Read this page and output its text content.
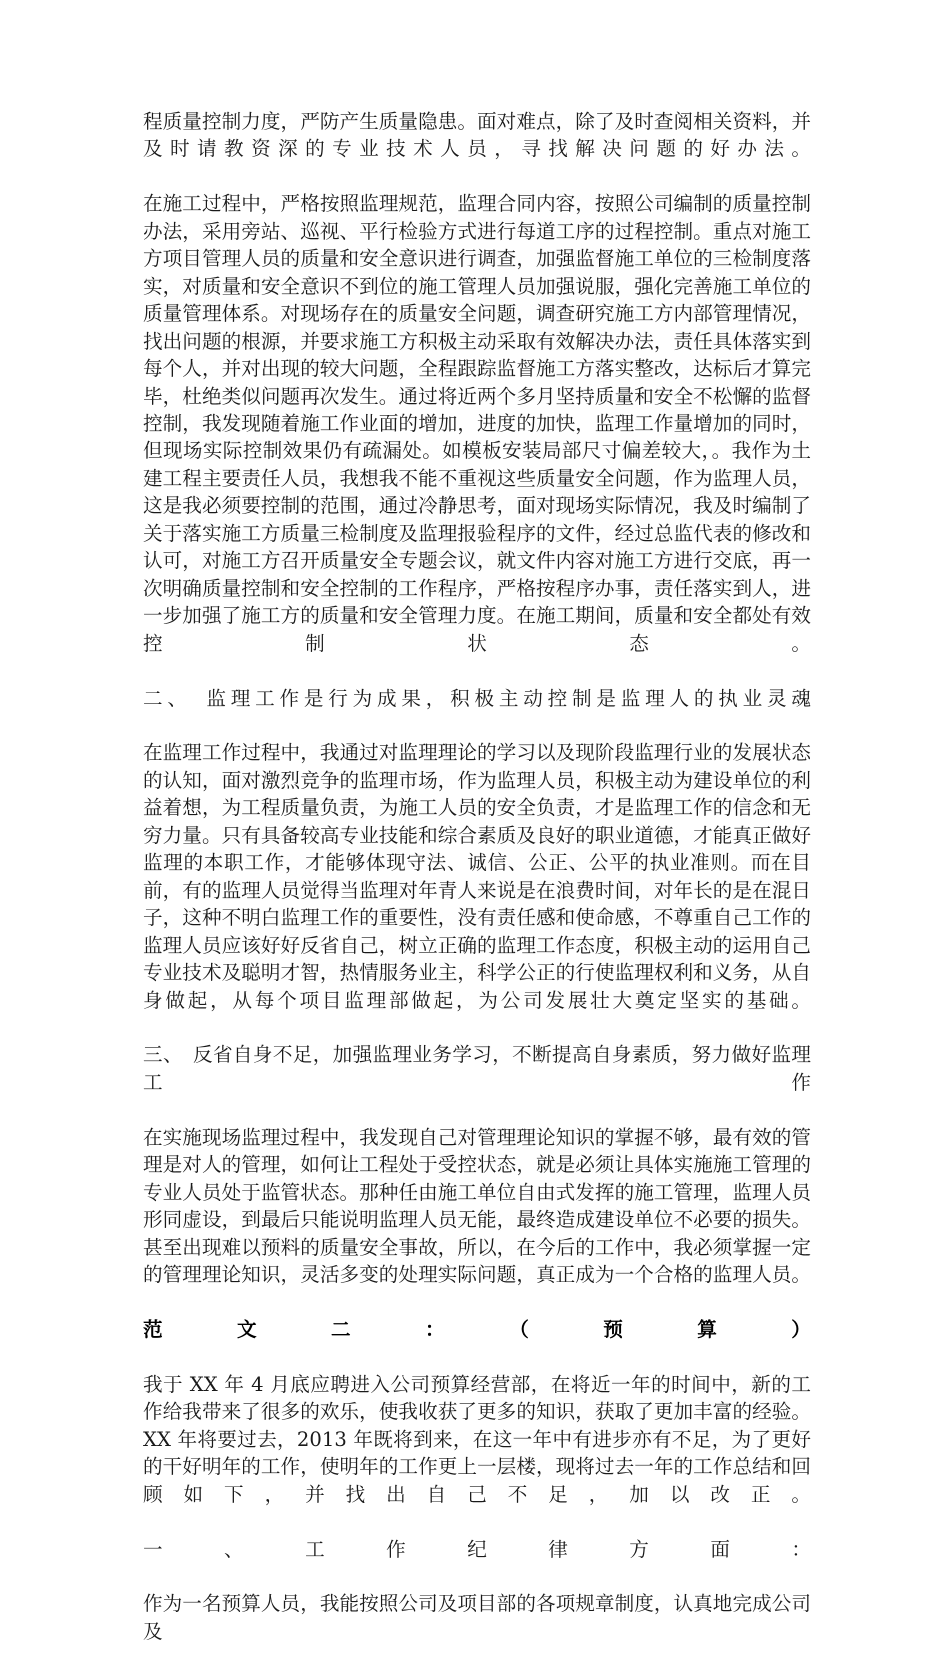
程质量控制力度，严防产生质量隐患。面对难点，除了及时查阅相关资料，并及时请教资深的专业技术人员，寻找解决问题的好办法。

在施工过程中，严格按照监理规范，监理合同内容，按照公司编制的质量控制办法，采用旁站、巡视、平行检验方式进行每道工序的过程控制。重点对施工方项目管理人员的质量和安全意识进行调查，加强监督施工单位的三检制度落实，对质量和安全意识不到位的施工管理人员加强说服，强化完善施工单位的质量管理体系。对现场存在的质量安全问题，调查研究施工方内部管理情况，找出问题的根源，并要求施工方积极主动采取有效解决办法，责任具体落实到每个人，并对出现的较大问题，全程跟踪监督施工方落实整改，达标后才算完毕，杜绝类似问题再次发生。通过将近两个多月坚持质量和安全不松懈的监督控制，我发现随着施工作业面的增加，进度的加快，监理工作量增加的同时，但现场实际控制效果仍有疏漏处。如模板安装局部尺寸偏差较大，。我作为土建工程主要责任人员，我想我不能不重视这些质量安全问题，作为监理人员，这是我必须要控制的范围，通过冷静思考，面对现场实际情况，我及时编制了关于落实施工方质量三检制度及监理报验程序的文件，经过总监代表的修改和认可，对施工方召开质量安全专题会议，就文件内容对施工方进行交底，再一次明确质量控制和安全控制的工作程序，严格按程序办事，责任落实到人，进一步加强了施工方的质量和安全管理力度。在施工期间，质量和安全都处有效控制状态。

二、　监理工作是行为成果，积极主动控制是监理人的执业灵魂

在监理工作过程中，我通过对监理理论的学习以及现阶段监理行业的发展状态的认知，面对激烈竞争的监理市场，作为监理人员，积极主动为建设单位的利益着想，为工程质量负责，为施工人员的安全负责，才是监理工作的信念和无穷力量。只有具备较高专业技能和综合素质及良好的职业道德，才能真正做好监理的本职工作，才能够体现守法、诚信、公正、公平的执业准则。而在目前，有的监理人员觉得当监理对年青人来说是在浪费时间，对年长的是在混日子，这种不明白监理工作的重要性，没有责任感和使命感，不尊重自己工作的监理人员应该好好反省自己，树立正确的监理工作态度，积极主动的运用自己专业技术及聪明才智，热情服务业主，科学公正的行使监理权利和义务，从自身做起，从每个项目监理部做起，为公司发展壮大奠定坚实的基础。

三、　反省自身不足，加强监理业务学习，不断提高自身素质，努力做好监理工作

在实施现场监理过程中，我发现自己对管理理论知识的掌握不够，最有效的管理是对人的管理，如何让工程处于受控状态，就是必须让具体实施施工管理的专业人员处于监管状态。那种任由施工单位自由式发挥的施工管理，监理人员形同虚设，到最后只能说明监理人员无能，最终造成建设单位不必要的损失。甚至出现难以预料的质量安全事故，所以，在今后的工作中，我必须掌握一定的管理理论知识，灵活多变的处理实际问题，真正成为一个合格的监理人员。

范文二：（预算）

我于 XX 年 4 月底应聘进入公司预算经营部，在将近一年的时间中，新的工作给我带来了很多的欢乐，使我收获了更多的知识，获取了更加丰富的经验。XX 年将要过去，2013 年既将到来，在这一年中有进步亦有不足，为了更好的干好明年的工作，使明年的工作更上一层楼，现将过去一年的工作总结和回顾如下，并找出自己不足，加以改正。

一、工作纪律方面：

作为一名预算人员，我能按照公司及项目部的各项规章制度，认真地完成公司及
